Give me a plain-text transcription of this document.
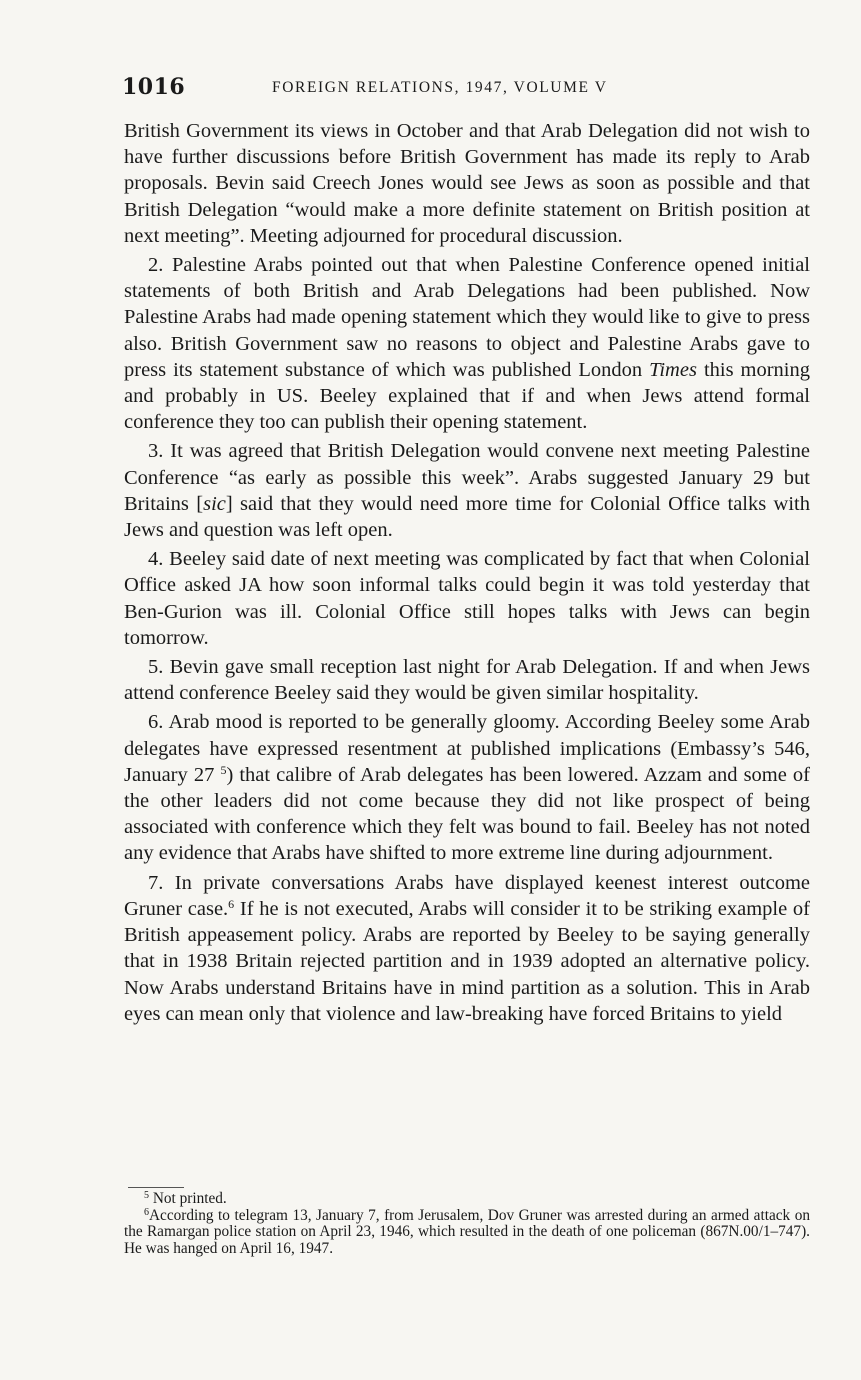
1016	FOREIGN RELATIONS, 1947, VOLUME V

British Government its views in October and that Arab Delegation did not wish to have further discussions before British Government has made its reply to Arab proposals. Bevin said Creech Jones would see Jews as soon as possible and that British Delegation “would make a more definite statement on British position at next meeting”. Meeting adjourned for procedural discussion.

2. Palestine Arabs pointed out that when Palestine Conference opened initial statements of both British and Arab Delegations had been published. Now Palestine Arabs had made opening statement which they would like to give to press also. British Government saw no reasons to object and Palestine Arabs gave to press its statement substance of which was published London Times this morning and probably in US. Beeley explained that if and when Jews attend formal conference they too can publish their opening statement.

3. It was agreed that British Delegation would convene next meeting Palestine Conference “as early as possible this week”. Arabs suggested January 29 but Britains [sic] said that they would need more time for Colonial Office talks with Jews and question was left open.

4. Beeley said date of next meeting was complicated by fact that when Colonial Office asked JA how soon informal talks could begin it was told yesterday that Ben-Gurion was ill. Colonial Office still hopes talks with Jews can begin tomorrow.

5. Bevin gave small reception last night for Arab Delegation. If and when Jews attend conference Beeley said they would be given similar hospitality.

6. Arab mood is reported to be generally gloomy. According Beeley some Arab delegates have expressed resentment at published implications (Embassy’s 546, January 27 $^5$) that calibre of Arab delegates has been lowered. Azzam and some of the other leaders did not come because they did not like prospect of being associated with conference which they felt was bound to fail. Beeley has not noted any evidence that Arabs have shifted to more extreme line during adjournment.

7. In private conversations Arabs have displayed keenest interest outcome Gruner case.$^6$ If he is not executed, Arabs will consider it to be striking example of British appeasement policy. Arabs are reported by Beeley to be saying generally that in 1938 Britain rejected partition and in 1939 adopted an alternative policy. Now Arabs understand Britains have in mind partition as a solution. This in Arab eyes can mean only that violence and law-breaking have forced Britains to yield

$^5$ Not printed.

$^6$According to telegram 13, January 7, from Jerusalem, Dov Gruner was arrested during an armed attack on the Ramargan police station on April 23, 1946, which resulted in the death of one policeman (867N.00/1–747). He was hanged on April 16, 1947.
